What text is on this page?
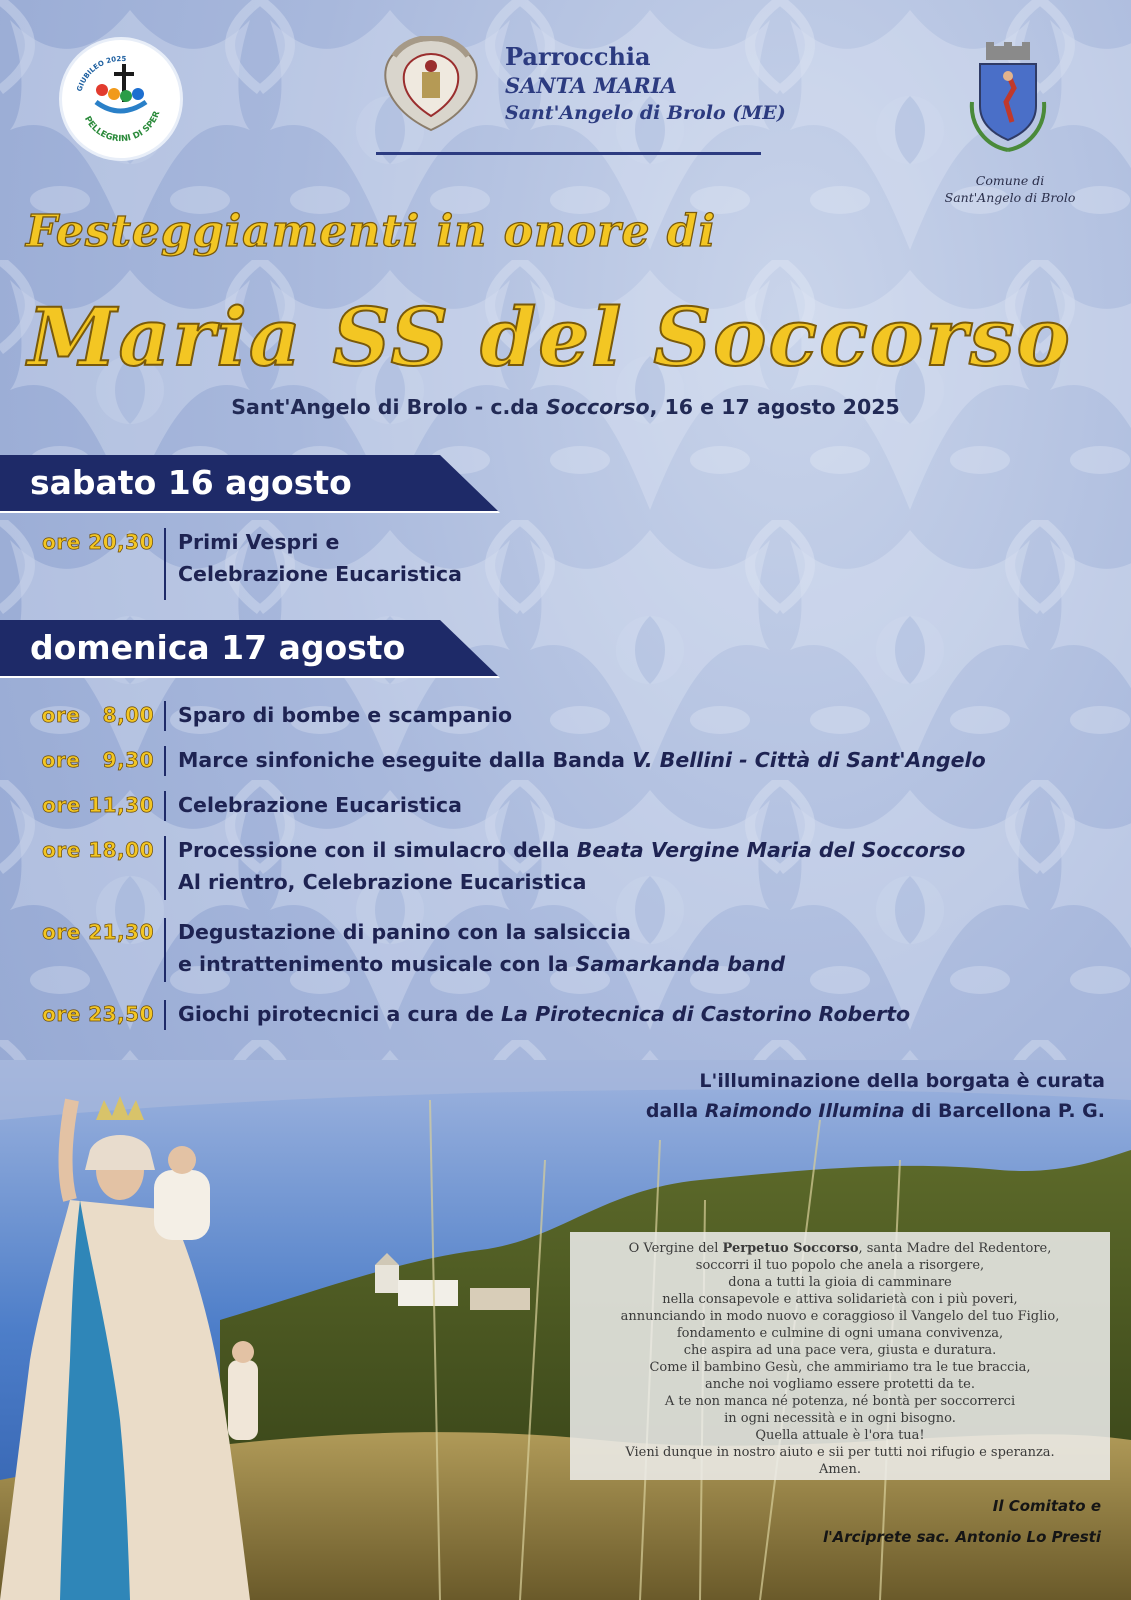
GIUBILEO 2025
PELLEGRINI DI SPER
Parrocchia
SANTA MARIA
Sant'Angelo di Brolo (ME)
Comune di
Sant'Angelo di Brolo
Festeggiamenti in onore di
Maria SS del Soccorso
Sant'Angelo di Brolo - c.da Soccorso, 16 e 17 agosto 2025
sabato 16 agosto
ore 20,30 Primi Vespri e
Celebrazione Eucaristica
domenica 17 agosto
ore   8,00 Sparo di bombe e scampanio
ore   9,30 Marce sinfoniche eseguite dalla Banda V. Bellini - Città di Sant'Angelo
ore 11,30 Celebrazione Eucaristica
ore 18,00 Processione con il simulacro della Beata Vergine Maria del Soccorso
Al rientro, Celebrazione Eucaristica
ore 21,30 Degustazione di panino con la salsiccia
e intrattenimento musicale con la Samarkanda band
ore 23,50 Giochi pirotecnici a cura de La Pirotecnica di Castorino Roberto
L'illuminazione della borgata è curata
dalla Raimondo Illumina di Barcellona P. G.
O Vergine del Perpetuo Soccorso, santa Madre del Redentore,
soccorri il tuo popolo che anela a risorgere,
dona a tutti la gioia di camminare
nella consapevole e attiva solidarietà con i più poveri,
annunciando in modo nuovo e coraggioso il Vangelo del tuo Figlio,
fondamento e culmine di ogni umana convivenza,
che aspira ad una pace vera, giusta e duratura.
Come il bambino Gesù, che ammiriamo tra le tue braccia,
anche noi vogliamo essere protetti da te.
A te non manca né potenza, né bontà per soccorrerci
in ogni necessità e in ogni bisogno.
Quella attuale è l'ora tua!
Vieni dunque in nostro aiuto e sii per tutti noi rifugio e speranza.
Amen.
Il Comitato e
l'Arciprete sac. Antonio Lo Presti
